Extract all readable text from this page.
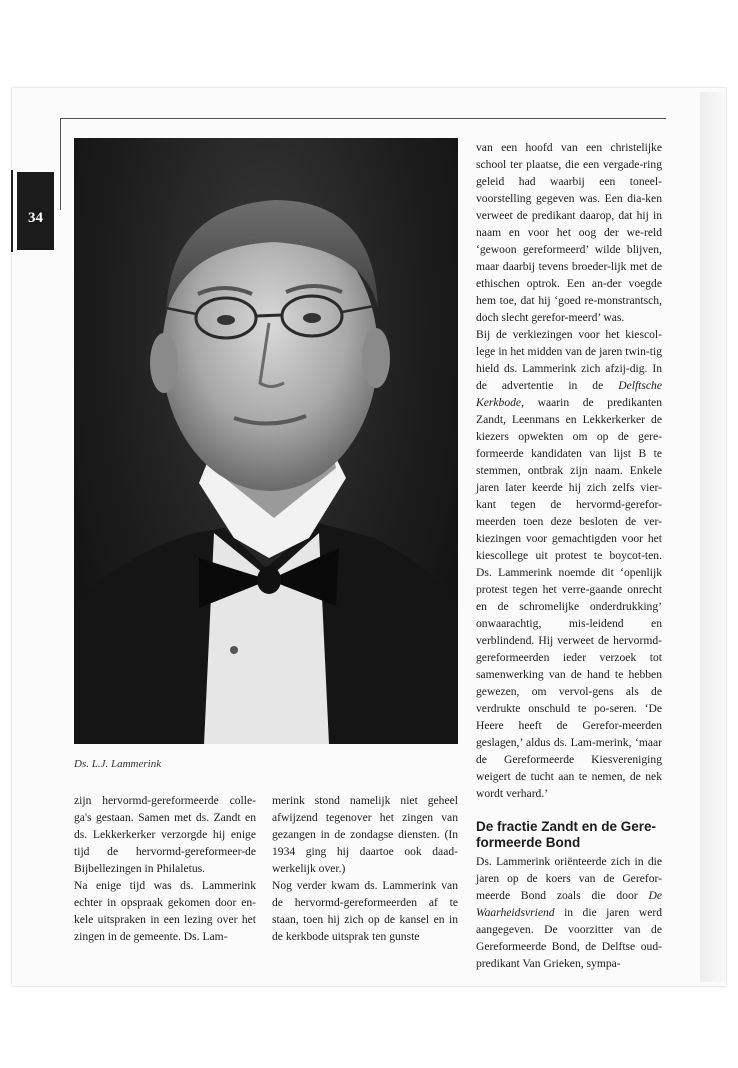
34
Ds. L.J. Lammerink

zijn hervormd-gereformeerde colle-ga's gestaan. Samen met ds. Zandt en ds. Lekkerkerker verzorgde hij enige tijd de hervormd-gereformeer-de Bijbellezingen in Philaletus.

Na enige tijd was ds. Lammerink echter in opspraak gekomen door en-kele uitspraken in een lezing over het zingen in de gemeente. Ds. Lam-

merink stond namelijk niet geheel afwijzend tegenover het zingen van gezangen in de zondagse diensten. (In 1934 ging hij daartoe ook daad-werkelijk over.)

Nog verder kwam ds. Lammerink van de hervormd-gereformeerden af te staan, toen hij zich op de kansel en in de kerkbode uitsprak ten gunste

van een hoofd van een christelijke school ter plaatse, die een vergade-ring geleid had waarbij een toneel-voorstelling gegeven was. Een dia-ken verweet de predikant daarop, dat hij in naam en voor het oog der we-reld ‘gewoon gereformeerd’ wilde blijven, maar daarbij tevens broeder-lijk met de ethischen optrok. Een an-der voegde hem toe, dat hij ‘goed re-monstrantsch, doch slecht gerefor-meerd’ was.

Bij de verkiezingen voor het kiescol-lege in het midden van de jaren twin-tig hield ds. Lammerink zich afzij-dig. In de advertentie in de Delftsche Kerkbode, waarin de predikanten Zandt, Leenmans en Lekkerkerker de kiezers opwekten om op de gere-formeerde kandidaten van lijst B te stemmen, ontbrak zijn naam. Enkele jaren later keerde hij zich zelfs vier-kant tegen de hervormd-gerefor-meerden toen deze besloten de ver-kiezingen voor gemachtigden voor het kiescollege uit protest te boycot-ten. Ds. Lammerink noemde dit ‘openlijk protest tegen het verre-gaande onrecht en de schromelijke onderdrukking’ onwaarachtig, mis-leidend en verblindend. Hij verweet de hervormd-gereformeerden ieder verzoek tot samenwerking van de hand te hebben gewezen, om vervol-gens als de verdrukte onschuld te po-seren. ‘De Heere heeft de Gerefor-meerden geslagen,’ aldus ds. Lam-merink, ‘maar de Gereformeerde Kiesvereniging weigert de tucht aan te nemen, de nek wordt verhard.’

De fractie Zandt en de Gere-formeerde Bond

Ds. Lammerink oriënteerde zich in die jaren op de koers van de Gerefor-meerde Bond zoals die door De Waarheidsvriend in die jaren werd aangegeven. De voorzitter van de Gereformeerde Bond, de Delftse oud-predikant Van Grieken, sympa-
